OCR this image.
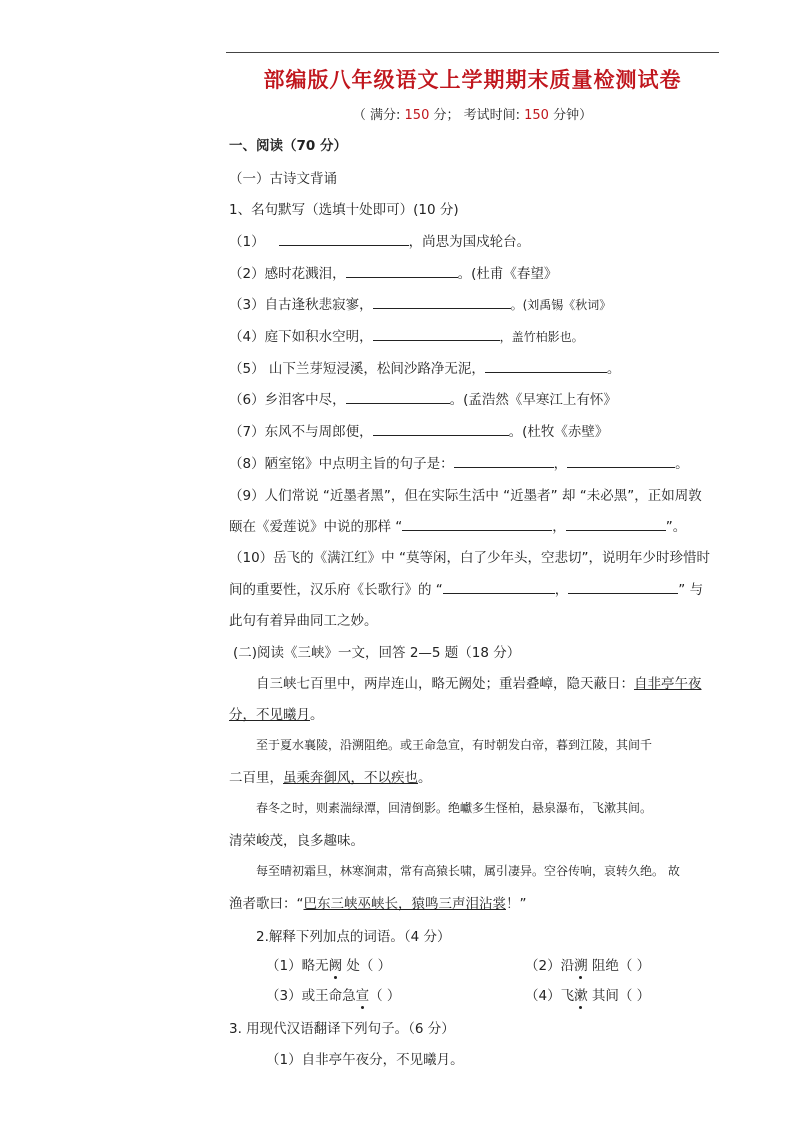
部编版八年级语文上学期期末质量检测试卷
（ 满分: 150 分； 考试时间: 150 分钟）
一、阅读（70 分）
（一）古诗文背诵
1、名句默写（选填十处即可）(10 分)
（1）	，尚思为国戍轮台。
（2）感时花溅泪，	。(杜甫《春望》
（3）自古逢秋悲寂寥，	。(刘禹锡《秋词》
（4）庭下如积水空明，	，盖竹柏影也。
（5） 山下兰芽短浸溪，松间沙路净无泥，	。
（6）乡泪客中尽，	。(孟浩然《早寒江上有怀》
（7）东风不与周郎便，	。(杜牧《赤壁》
（8）陋室铭》中点明主旨的句子是：	，	。
（9）人们常说 “近墨者黑”，但在实际生活中 “近墨者” 却 “未必黑”，正如周敦
颐在《爱莲说》中说的那样 “	，	”。
（10）岳飞的《满江红》中 “莫等闲，白了少年头，空悲切”，说明年少时珍惜时
间的重要性，汉乐府《长歌行》的 “	，	” 与
此句有着异曲同工之妙。
(二)阅读《三峡》一文，回答 2—5 题（18 分）
自三峡七百里中，两岸连山，略无阙处；重岩叠嶂，隐天蔽日：自非亭午夜
分，不见曦月。
至于夏水襄陵，沿溯阻绝。或王命急宣，有时朝发白帝，暮到江陵，其间千
二百里，虽乘奔御风，不以疾也。
春冬之时，则素湍绿潭，回清倒影。绝巘多生怪柏，悬泉瀑布，飞漱其间。
清荣峻茂，良多趣味。
每至晴初霜旦，林寒涧肃，常有高猿长啸，属引凄异。空谷传响，哀转久绝。 故
渔者歌曰：“巴东三峡巫峡长，猿鸣三声泪沾裳！”
2.解释下列加点的词语。（4 分）
（1）略无阙 处（ ）	（2）沿溯 阻绝（ ）
（3）或王命急宣（ ）	（4）飞漱 其间（ ）
3. 用现代汉语翻译下列句子。（6 分）
（1）自非亭午夜分，不见曦月。
